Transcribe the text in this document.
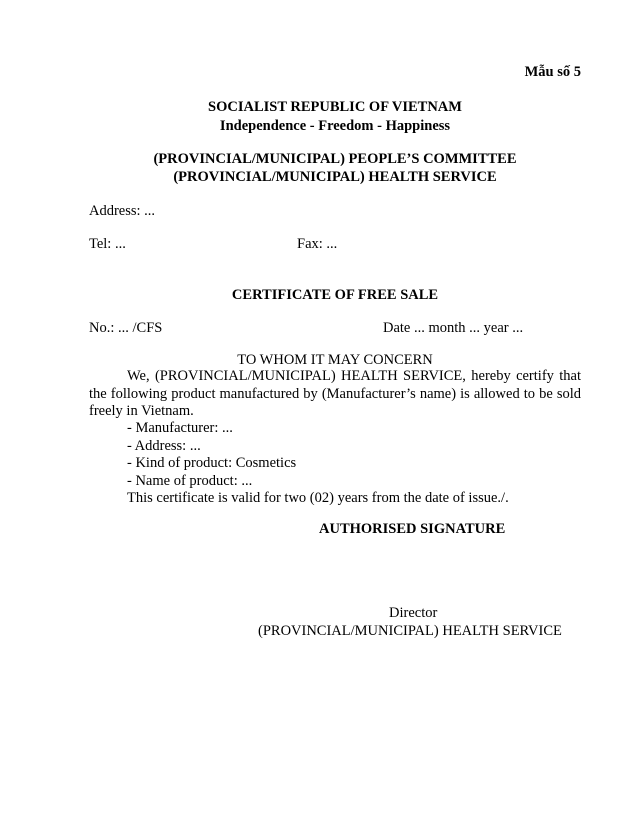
Mẫu số 5
SOCIALIST REPUBLIC OF VIETNAM
Independence - Freedom - Happiness
(PROVINCIAL/MUNICIPAL) PEOPLE’S COMMITTEE
(PROVINCIAL/MUNICIPAL) HEALTH SERVICE
Address: ...
Tel: ...	Fax: ...
CERTIFICATE OF FREE SALE
No.: ... /CFS	Date ... month ... year ...
TO WHOM IT MAY CONCERN

We, (PROVINCIAL/MUNICIPAL) HEALTH SERVICE, hereby certify that the following product manufactured by (Manufacturer’s name) is allowed to be sold freely in Vietnam.

- Manufacturer: ...
- Address: ...
- Kind of product: Cosmetics
- Name of product: ...
This certificate is valid for two (02) years from the date of issue./.
AUTHORISED SIGNATURE
Director
(PROVINCIAL/MUNICIPAL) HEALTH SERVICE
